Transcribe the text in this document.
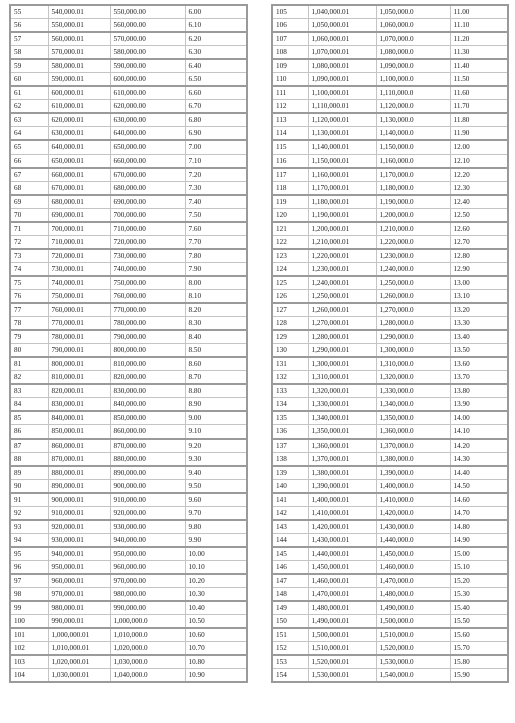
55	540,000.01	550,000.00	6.00
56	550,000.01	560,000.00	6.10
57	560,000.01	570,000.00	6.20
58	570,000.01	580,000.00	6.30
59	580,000.01	590,000.00	6.40
60	590,000.01	600,000.00	6.50
61	600,000.01	610,000.00	6.60
62	610,000.01	620,000.00	6.70
63	620,000.01	630,000.00	6.80
64	630,000.01	640,000.00	6.90
65	640,000.01	650,000.00	7.00
66	650,000.01	660,000.00	7.10
67	660,000.01	670,000.00	7.20
68	670,000.01	680,000.00	7.30
69	680,000.01	690,000.00	7.40
70	690,000.01	700,000.00	7.50
71	700,000.01	710,000.00	7.60
72	710,000.01	720,000.00	7.70
73	720,000.01	730,000.00	7.80
74	730,000.01	740,000.00	7.90
75	740,000.01	750,000.00	8.00
76	750,000.01	760,000.00	8.10
77	760,000.01	770,000.00	8.20
78	770,000.01	780,000.00	8.30
79	780,000.01	790,000.00	8.40
80	790,000.01	800,000.00	8.50
81	800,000.01	810,000.00	8.60
82	810,000.01	820,000.00	8.70
83	820,000.01	830,000.00	8.80
84	830,000.01	840,000.00	8.90
85	840,000.01	850,000.00	9.00
86	850,000.01	860,000.00	9.10
87	860,000.01	870,000.00	9.20
88	870,000.01	880,000.00	9.30
89	880,000.01	890,000.00	9.40
90	890,000.01	900,000.00	9.50
91	900,000.01	910,000.00	9.60
92	910,000.01	920,000.00	9.70
93	920,000.01	930,000.00	9.80
94	930,000.01	940,000.00	9.90
95	940,000.01	950,000.00	10.00
96	950,000.01	960,000.00	10.10
97	960,000.01	970,000.00	10.20
98	970,000.01	980,000.00	10.30
99	980,000.01	990,000.00	10.40
100	990,000.01	1,000,000.0	10.50
101	1,000,000.01	1,010,000.0	10.60
102	1,010,000.01	1,020,000.0	10.70
103	1,020,000.01	1,030,000.0	10.80
104	1,030,000.01	1,040,000.0	10.90
105	1,040,000.01	1,050,000.0	11.00
106	1,050,000.01	1,060,000.0	11.10
107	1,060,000.01	1,070,000.0	11.20
108	1,070,000.01	1,080,000.0	11.30
109	1,080,000.01	1,090,000.0	11.40
110	1,090,000.01	1,100,000.0	11.50
111	1,100,000.01	1,110,000.0	11.60
112	1,110,000.01	1,120,000.0	11.70
113	1,120,000.01	1,130,000.0	11.80
114	1,130,000.01	1,140,000.0	11.90
115	1,140,000.01	1,150,000.0	12.00
116	1,150,000.01	1,160,000.0	12.10
117	1,160,000.01	1,170,000.0	12.20
118	1,170,000.01	1,180,000.0	12.30
119	1,180,000.01	1,190,000.0	12.40
120	1,190,000.01	1,200,000.0	12.50
121	1,200,000.01	1,210,000.0	12.60
122	1,210,000.01	1,220,000.0	12.70
123	1,220,000.01	1,230,000.0	12.80
124	1,230,000.01	1,240,000.0	12.90
125	1,240,000.01	1,250,000.0	13.00
126	1,250,000.01	1,260,000.0	13.10
127	1,260,000.01	1,270,000.0	13.20
128	1,270,000.01	1,280,000.0	13.30
129	1,280,000.01	1,290,000.0	13.40
130	1,290,000.01	1,300,000.0	13.50
131	1,300,000.01	1,310,000.0	13.60
132	1,310,000.01	1,320,000.0	13.70
133	1,320,000.01	1,330,000.0	13.80
134	1,330,000.01	1,340,000.0	13.90
135	1,340,000.01	1,350,000.0	14.00
136	1,350,000.01	1,360,000.0	14.10
137	1,360,000.01	1,370,000.0	14.20
138	1,370,000.01	1,380,000.0	14.30
139	1,380,000.01	1,390,000.0	14.40
140	1,390,000.01	1,400,000.0	14.50
141	1,400,000.01	1,410,000.0	14.60
142	1,410,000.01	1,420,000.0	14.70
143	1,420,000.01	1,430,000.0	14.80
144	1,430,000.01	1,440,000.0	14.90
145	1,440,000.01	1,450,000.0	15.00
146	1,450,000.01	1,460,000.0	15.10
147	1,460,000.01	1,470,000.0	15.20
148	1,470,000.01	1,480,000.0	15.30
149	1,480,000.01	1,490,000.0	15.40
150	1,490,000.01	1,500,000.0	15.50
151	1,500,000.01	1,510,000.0	15.60
152	1,510,000.01	1,520,000.0	15.70
153	1,520,000.01	1,530,000.0	15.80
154	1,530,000.01	1,540,000.0	15.90
